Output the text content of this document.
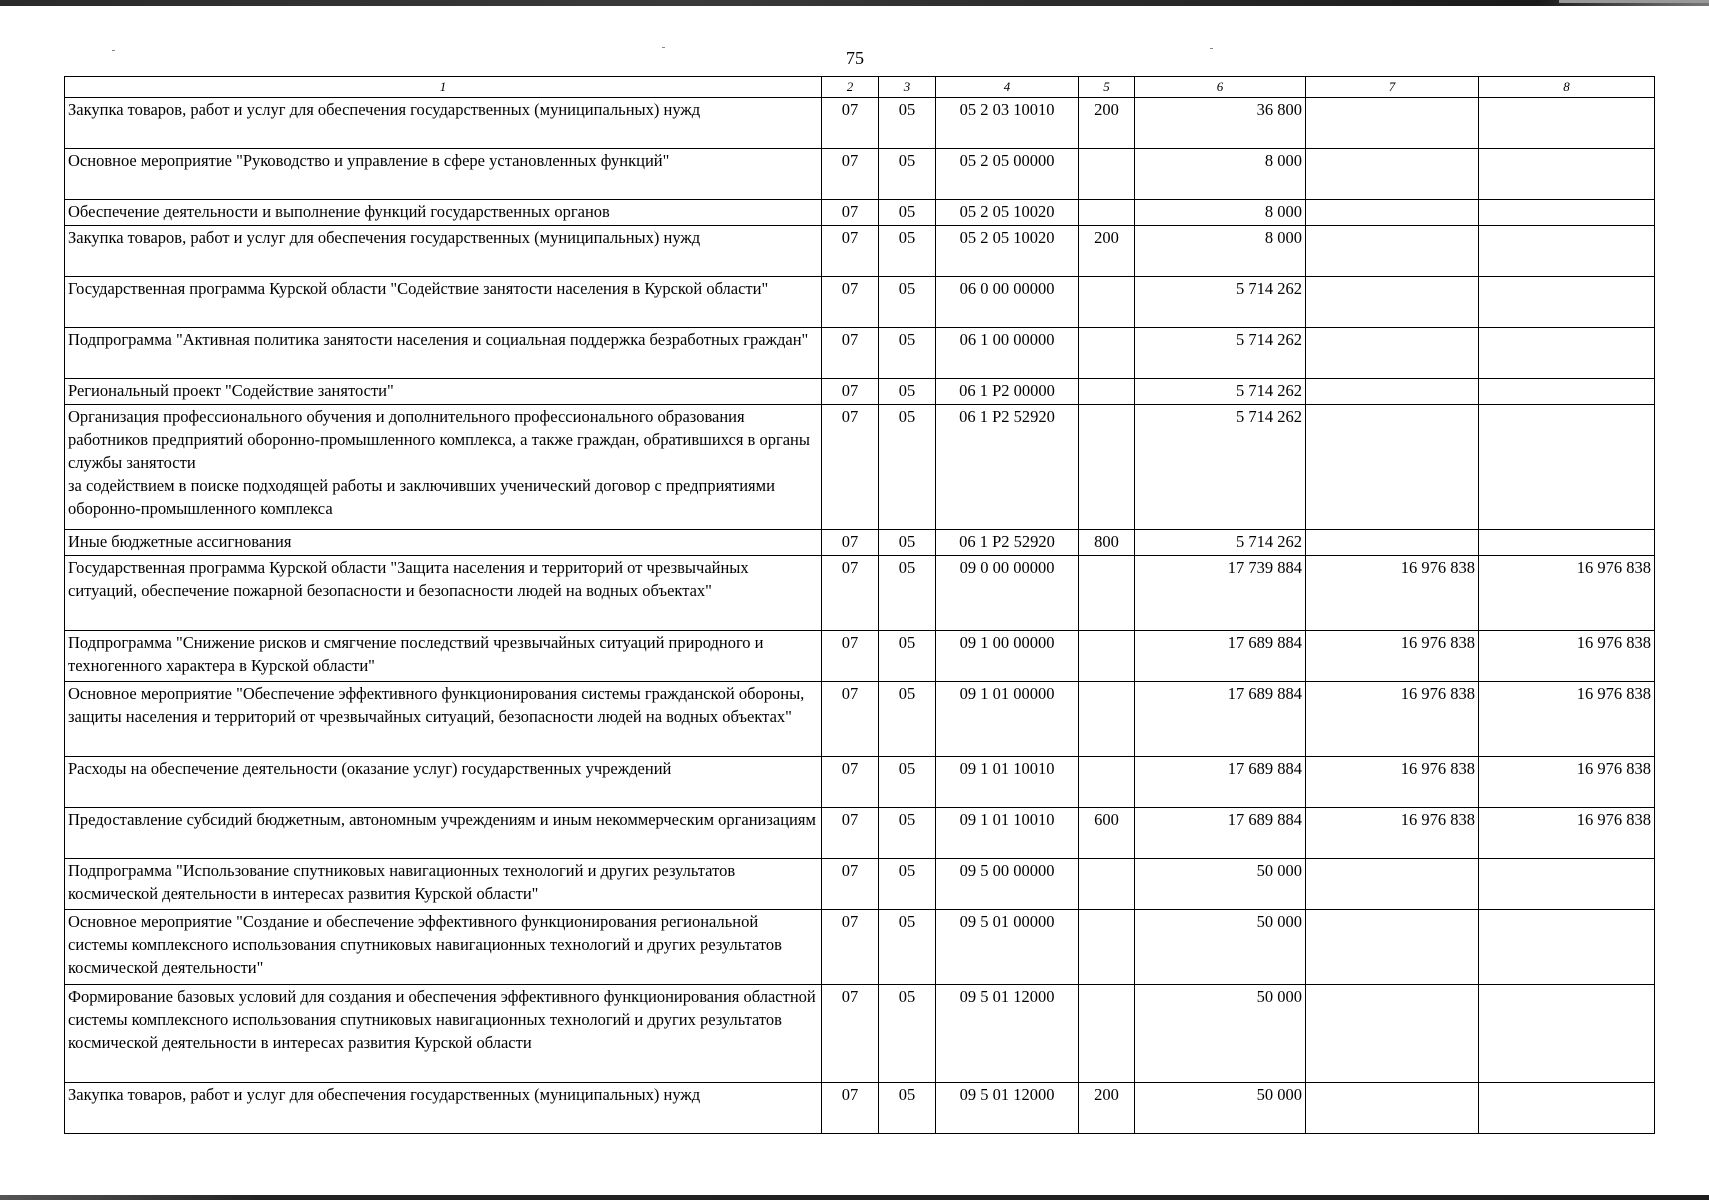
75
1	2	3	4	5	6	7	8
Закупка товаров, работ и услуг для обеспечения государственных (муниципальных) нужд	07	05	05 2 03 10010	200	36 800		
Основное мероприятие "Руководство и управление в сфере установленных функций"	07	05	05 2 05 00000		8 000		
Обеспечение деятельности и выполнение функций государственных органов	07	05	05 2 05 10020		8 000		
Закупка товаров, работ и услуг для обеспечения государственных (муниципальных) нужд	07	05	05 2 05 10020	200	8 000		
Государственная программа Курской области "Содействие занятости населения в Курской области"	07	05	06 0 00 00000		5 714 262		
Подпрограмма "Активная политика занятости населения и социальная поддержка безработных граждан"	07	05	06 1 00 00000		5 714 262		
Региональный проект "Содействие занятости"	07	05	06 1 P2 00000		5 714 262		
Организация профессионального обучения и дополнительного профессионального образования работников предприятий оборонно-промышленного комплекса, а также граждан, обратившихся в органы службы занятости
за содействием в поиске подходящей работы и заключивших ученический договор с предприятиями оборонно-промышленного комплекса	07	05	06 1 P2 52920		5 714 262		
Иные бюджетные ассигнования	07	05	06 1 P2 52920	800	5 714 262		
Государственная программа Курской области "Защита населения и территорий от чрезвычайных ситуаций, обеспечение пожарной безопасности и безопасности людей на водных объектах"	07	05	09 0 00 00000		17 739 884	16 976 838	16 976 838
Подпрограмма "Снижение рисков и смягчение последствий чрезвычайных ситуаций природного и техногенного характера в Курской области"	07	05	09 1 00 00000		17 689 884	16 976 838	16 976 838
Основное мероприятие "Обеспечение эффективного функционирования системы гражданской обороны, защиты населения и территорий от чрезвычайных ситуаций, безопасности людей на водных объектах"	07	05	09 1 01 00000		17 689 884	16 976 838	16 976 838
Расходы на обеспечение деятельности (оказание услуг) государственных учреждений	07	05	09 1 01 10010		17 689 884	16 976 838	16 976 838
Предоставление субсидий бюджетным, автономным учреждениям и иным некоммерческим организациям	07	05	09 1 01 10010	600	17 689 884	16 976 838	16 976 838
Подпрограмма "Использование спутниковых навигационных технологий и других результатов космической деятельности в интересах развития Курской области"	07	05	09 5 00 00000		50 000		
Основное мероприятие "Создание и обеспечение эффективного функционирования региональной системы комплексного использования спутниковых навигационных технологий и других результатов космической деятельности"	07	05	09 5 01 00000		50 000		
Формирование базовых условий для создания и обеспечения эффективного функционирования областной системы комплексного использования спутниковых навигационных технологий и других результатов космической деятельности в интересах развития Курской области	07	05	09 5 01 12000		50 000		
Закупка товаров, работ и услуг для обеспечения государственных (муниципальных) нужд	07	05	09 5 01 12000	200	50 000		
